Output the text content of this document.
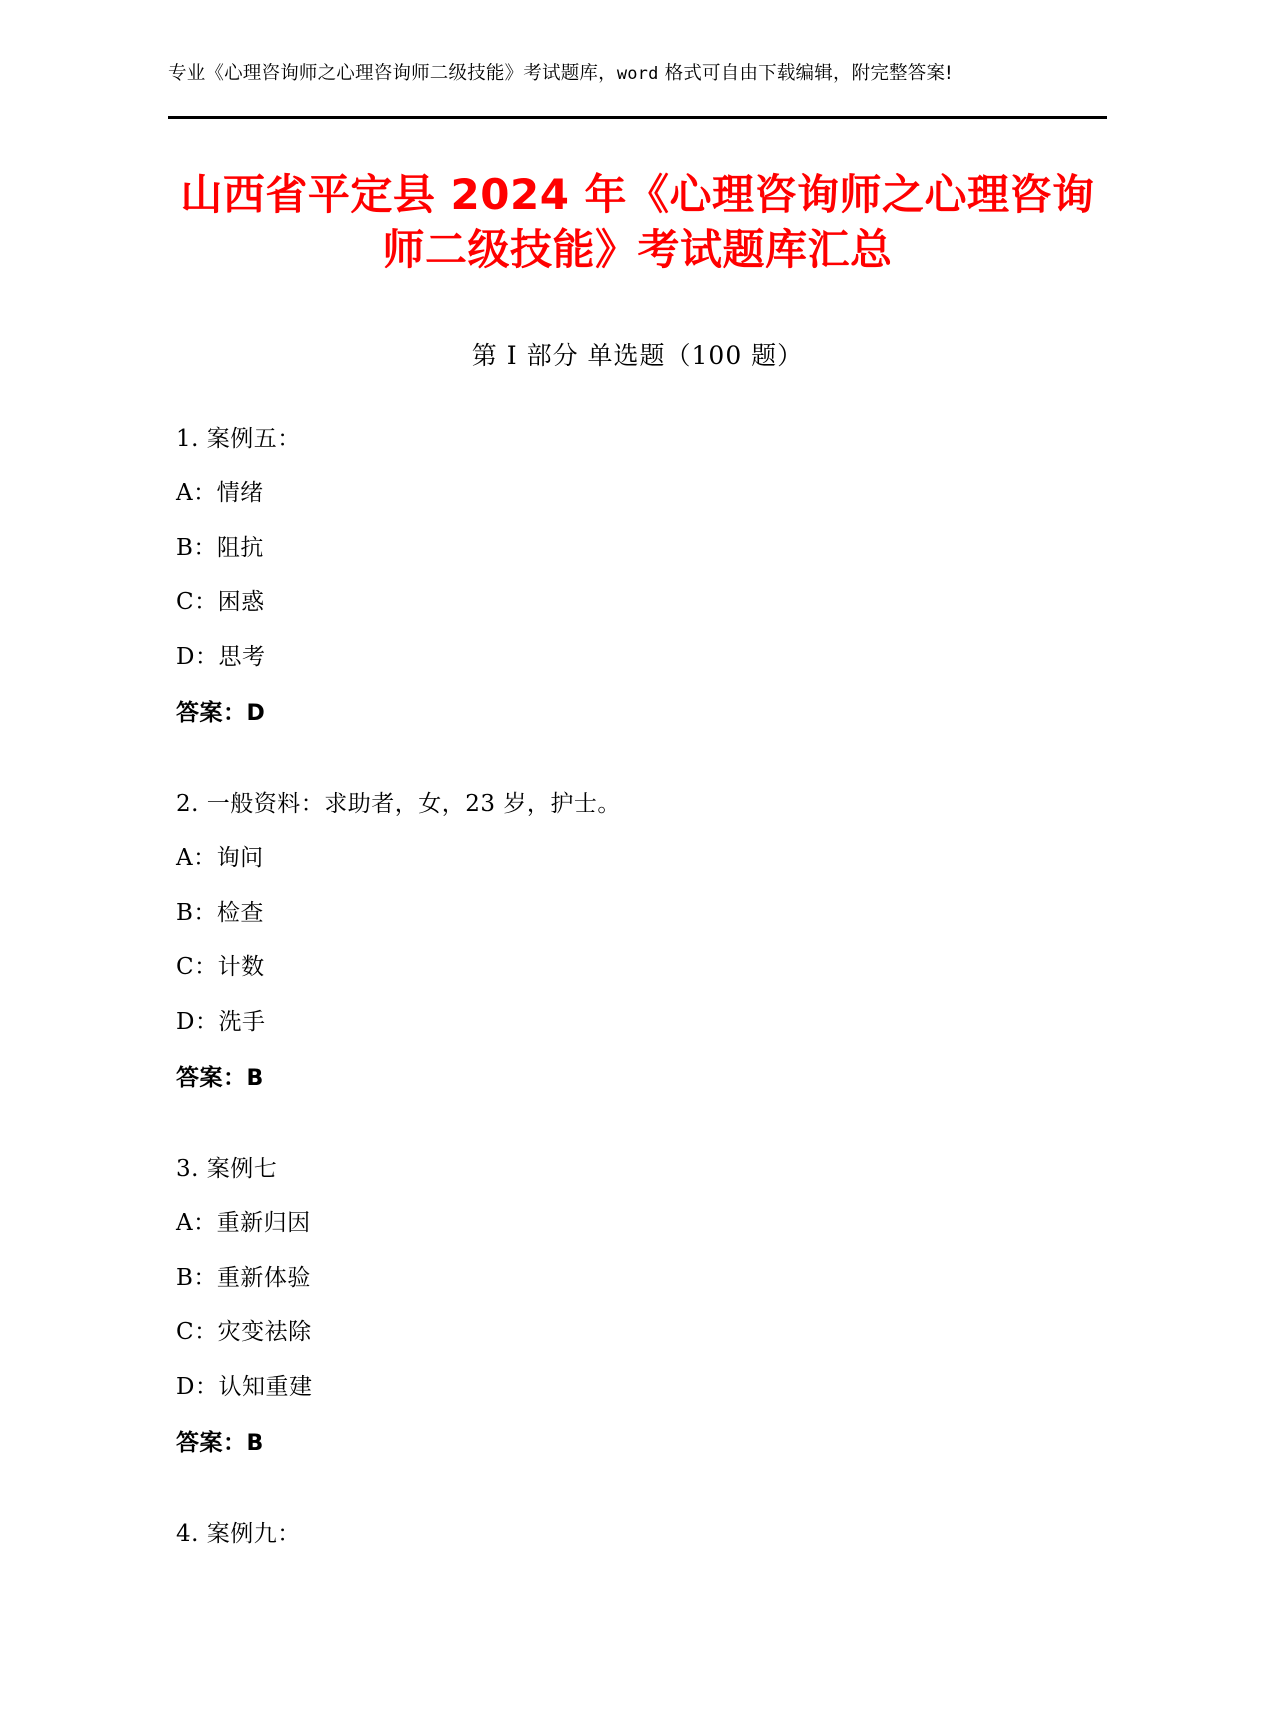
专业《心理咨询师之心理咨询师二级技能》考试题库，word 格式可自由下载编辑，附完整答案!
山西省平定县 2024 年《心理咨询师之心理咨询师二级技能》考试题库汇总
第 I 部分 单选题（100 题）
1. 案例五：
A：情绪
B：阻抗
C：困惑
D：思考
答案：D
2. 一般资料：求助者，女，23 岁，护士。
A：询问
B：检查
C：计数
D：洗手
答案：B
3. 案例七
A：重新归因
B：重新体验
C：灾变祛除
D：认知重建
答案：B
4. 案例九：
